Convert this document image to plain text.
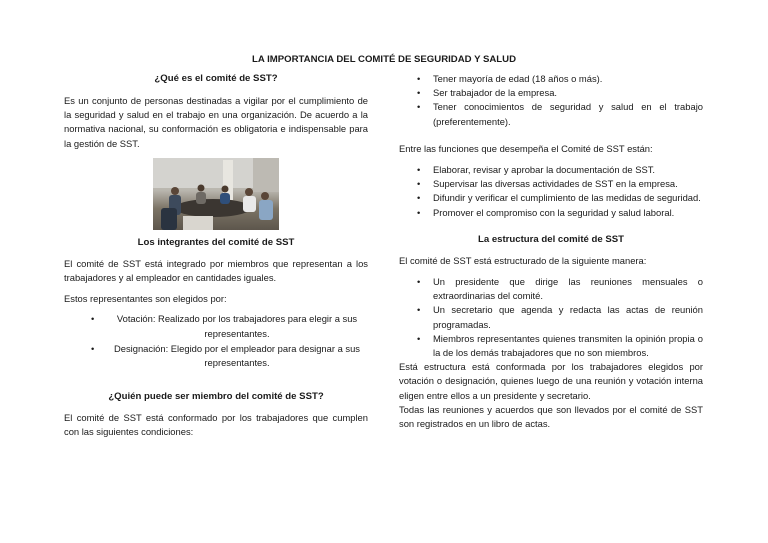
LA IMPORTANCIA DEL COMITÉ DE SEGURIDAD Y SALUD
¿Qué es el comité de SST?

Es un conjunto de personas destinadas a vigilar por el cumplimiento de la seguridad y salud en el trabajo en una organización. De acuerdo a la normativa nacional, su conformación es obligatoria e indispensable para la gestión de SST.

Los integrantes del comité de SST

El comité de SST está integrado por miembros que representan a los trabajadores y al empleador en cantidades iguales.

Estos representantes son elegidos por:

• Votación: Realizado por los trabajadores para elegir a sus representantes.
• Designación: Elegido por el empleador para designar a sus representantes.
¿Quién puede ser miembro del comité de SST?

El comité de SST está conformado por los trabajadores que cumplen con las siguientes condiciones:

• Tener mayoría de edad (18 años o más).
• Ser trabajador de la empresa.
• Tener conocimientos de seguridad y salud en el trabajo (preferentemente).

Entre las funciones que desempeña el Comité de SST están:

• Elaborar, revisar y aprobar la documentación de SST.
• Supervisar las diversas actividades de SST en la empresa.
• Difundir y verificar el cumplimiento de las medidas de seguridad.
• Promover el compromiso con la seguridad y salud laboral.
La estructura del comité de SST

El comité de SST está estructurado de la siguiente manera:

• Un presidente que dirige las reuniones mensuales o extraordinarias del comité.
• Un secretario que agenda y redacta las actas de reunión programadas.
• Miembros representantes quienes transmiten la opinión propia o la de los demás trabajadores que no son miembros.

Está estructura está conformada por los trabajadores elegidos por votación o designación, quienes luego de una reunión y votación interna eligen entre ellos a un presidente y secretario.

Todas las reuniones y acuerdos que son llevados por el comité de SST son registrados en un libro de actas.
